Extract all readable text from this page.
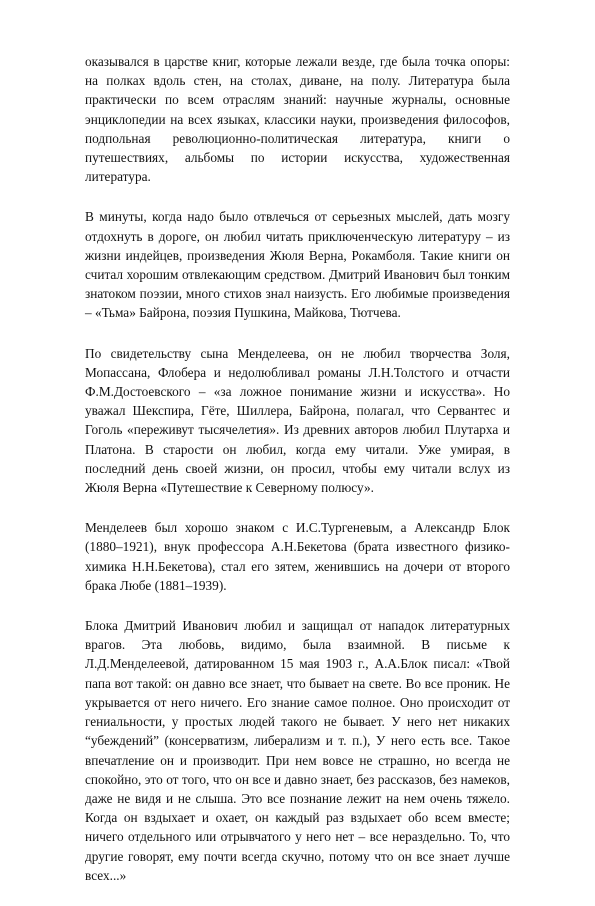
оказывался в царстве книг, которые лежали везде, где была точка опоры: на полках вдоль стен, на столах, диване, на полу. Литература была практически по всем отраслям знаний: научные журналы, основные энциклопедии на всех языках, классики науки, произведения философов, подпольная революционно-политическая литература, книги о путешествиях, альбомы по истории искусства, художественная литература.

В минуты, когда надо было отвлечься от серьезных мыслей, дать мозгу отдохнуть в дороге, он любил читать приключенческую литературу – из жизни индейцев, произведения Жюля Верна, Рокамболя. Такие книги он считал хорошим отвлекающим средством. Дмитрий Иванович был тонким знатоком поэзии, много стихов знал наизусть. Его любимые произведения – «Тьма» Байрона, поэзия Пушкина, Майкова, Тютчева.

По свидетельству сына Менделеева, он не любил творчества Золя, Мопассана, Флобера и недолюбливал романы Л.Н.Толстого и отчасти Ф.М.Достоевского – «за ложное понимание жизни и искусства». Но уважал Шекспира, Гёте, Шиллера, Байрона, полагал, что Сервантес и Гоголь «переживут тысячелетия». Из древних авторов любил Плутарха и Платона. В старости он любил, когда ему читали. Уже умирая, в последний день своей жизни, он просил, чтобы ему читали вслух из Жюля Верна «Путешествие к Северному полюсу».

Менделеев был хорошо знаком с И.С.Тургеневым, а Александр Блок (1880–1921), внук профессора А.Н.Бекетова (брата известного физико-химика Н.Н.Бекетова), стал его зятем, женившись на дочери от второго брака Любе (1881–1939).

Блока Дмитрий Иванович любил и защищал от нападок литературных врагов. Эта любовь, видимо, была взаимной. В письме к Л.Д.Менделеевой, датированном 15 мая 1903 г., А.А.Блок писал: «Твой папа вот такой: он давно все знает, что бывает на свете. Во все проник. Не укрывается от него ничего. Его знание самое полное. Оно происходит от гениальности, у простых людей такого не бывает. У него нет никаких “убеждений” (консерватизм, либерализм и т. п.), У него есть все. Такое впечатление он и производит. При нем вовсе не страшно, но всегда не спокойно, это от того, что он все и давно знает, без рассказов, без намеков, даже не видя и не слыша. Это все познание лежит на нем очень тяжело. Когда он вздыхает и охает, он каждый раз вздыхает обо всем вместе; ничего отдельного или отрывчатого у него нет – все нераздельно. То, что другие говорят, ему почти всегда скучно, потому что он все знает лучше всех...»
